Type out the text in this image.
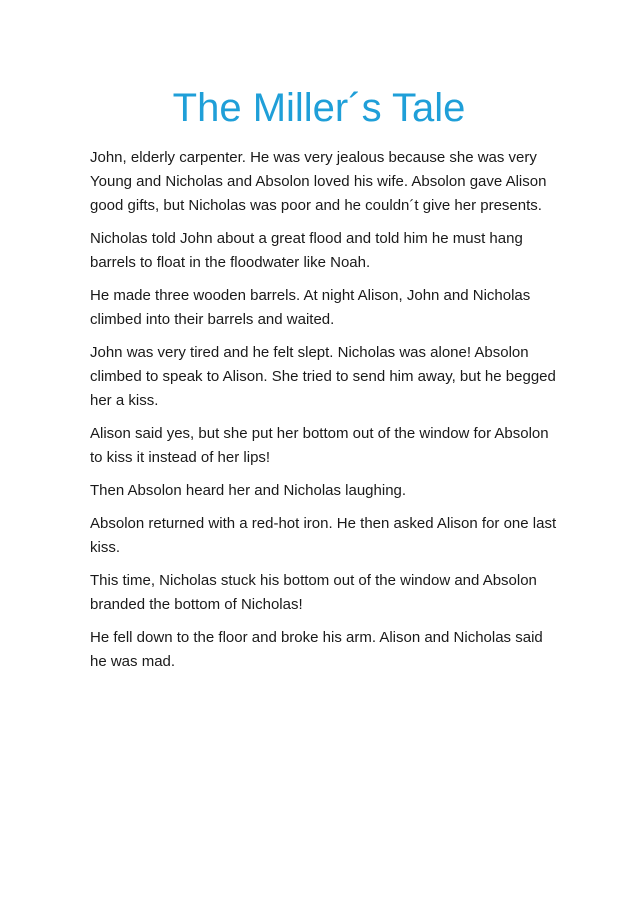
The Miller´s Tale

John, elderly carpenter. He was very jealous because she was very Young and Nicholas and Absolon loved his wife. Absolon gave Alison good gifts, but Nicholas was poor and he couldn´t give her presents.

Nicholas told John about a great flood and told him he must hang barrels to float in the floodwater like Noah.

He made three wooden barrels. At night Alison, John and Nicholas climbed into their barrels and waited.

John was very tired and he felt slept. Nicholas was alone! Absolon climbed to speak to Alison. She tried to send him away, but he begged her a kiss.

Alison said yes, but she put her bottom out of the window for Absolon to kiss it instead of her lips!

Then Absolon heard her and Nicholas laughing.

Absolon returned with a red-hot iron. He then asked Alison for one last kiss.

This time, Nicholas stuck his bottom out of the window and Absolon branded the bottom of Nicholas!

He fell down to the floor and broke his arm. Alison and Nicholas said he was mad.
